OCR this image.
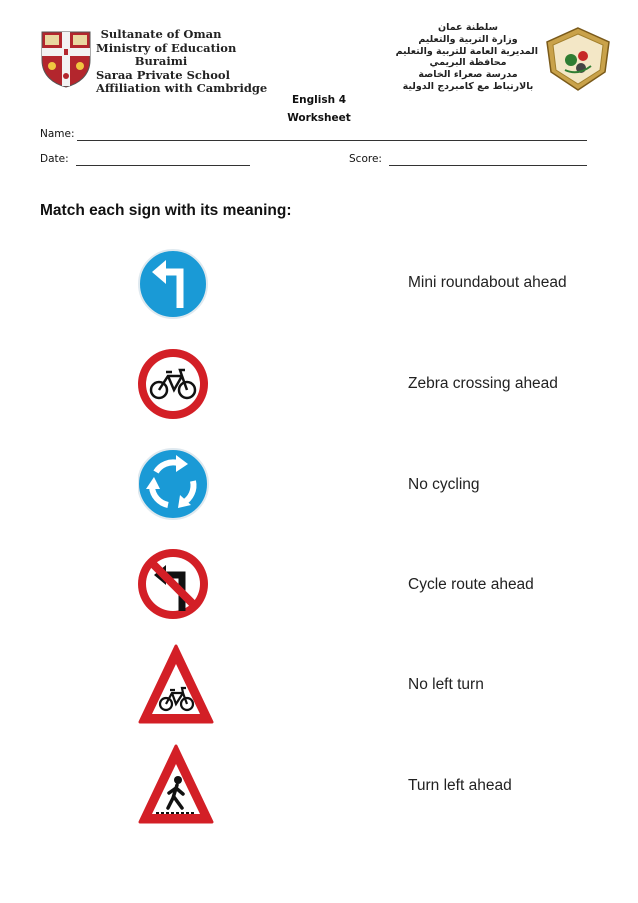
Sultanate of Oman
Ministry of Education
Buraimi
Saraa Private School
Affiliation with Cambridge
سلطنة عمان
وزارة التربية والتعليم
المديرية العامة للتربية والتعليم
محافظة البريمي
مدرسة صعراء الخاصة
بالارتباط مع كامبردج الدولية
English 4
Worksheet
Name:
Date:	Score:
Match each sign with its meaning:
Mini roundabout ahead
Zebra crossing ahead
No cycling
Cycle route ahead
No left turn
Turn left ahead
